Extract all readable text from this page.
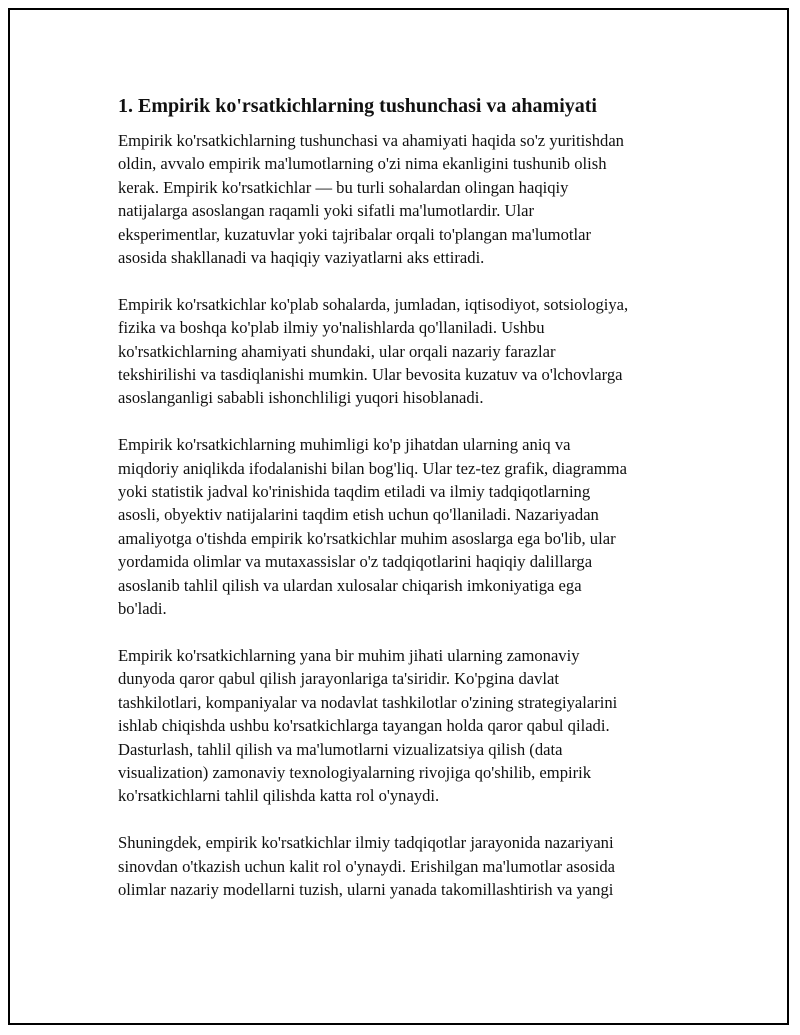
1. Empirik ko'rsatkichlarning tushunchasi va ahamiyati

Empirik ko'rsatkichlarning tushunchasi va ahamiyati haqida so'z yuritishdan
oldin, avvalo empirik ma'lumotlarning o'zi nima ekanligini tushunib olish
kerak. Empirik ko'rsatkichlar — bu turli sohalardan olingan haqiqiy
natijalarga asoslangan raqamli yoki sifatli ma'lumotlardir. Ular
eksperimentlar, kuzatuvlar yoki tajribalar orqali to'plangan ma'lumotlar
asosida shakllanadi va haqiqiy vaziyatlarni aks ettiradi.

Empirik ko'rsatkichlar ko'plab sohalarda, jumladan, iqtisodiyot, sotsiologiya,
fizika va boshqa ko'plab ilmiy yo'nalishlarda qo'llaniladi. Ushbu
ko'rsatkichlarning ahamiyati shundaki, ular orqali nazariy farazlar
tekshirilishi va tasdiqlanishi mumkin. Ular bevosita kuzatuv va o'lchovlarga
asoslanganligi sababli ishonchliligi yuqori hisoblanadi.

Empirik ko'rsatkichlarning muhimligi ko'p jihatdan ularning aniq va
miqdoriy aniqlikda ifodalanishi bilan bog'liq. Ular tez-tez grafik, diagramma
yoki statistik jadval ko'rinishida taqdim etiladi va ilmiy tadqiqotlarning
asosli, obyektiv natijalarini taqdim etish uchun qo'llaniladi. Nazariyadan
amaliyotga o'tishda empirik ko'rsatkichlar muhim asoslarga ega bo'lib, ular
yordamida olimlar va mutaxassislar o'z tadqiqotlarini haqiqiy dalillarga
asoslanib tahlil qilish va ulardan xulosalar chiqarish imkoniyatiga ega
bo'ladi.

Empirik ko'rsatkichlarning yana bir muhim jihati ularning zamonaviy
dunyoda qaror qabul qilish jarayonlariga ta'siridir. Ko'pgina davlat
tashkilotlari, kompaniyalar va nodavlat tashkilotlar o'zining strategiyalarini
ishlab chiqishda ushbu ko'rsatkichlarga tayangan holda qaror qabul qiladi.
Dasturlash, tahlil qilish va ma'lumotlarni vizualizatsiya qilish (data
visualization) zamonaviy texnologiyalarning rivojiga qo'shilib, empirik
ko'rsatkichlarni tahlil qilishda katta rol o'ynaydi.

Shuningdek, empirik ko'rsatkichlar ilmiy tadqiqotlar jarayonida nazariyani
sinovdan o'tkazish uchun kalit rol o'ynaydi. Erishilgan ma'lumotlar asosida
olimlar nazariy modellarni tuzish, ularni yanada takomillashtirish va yangi
